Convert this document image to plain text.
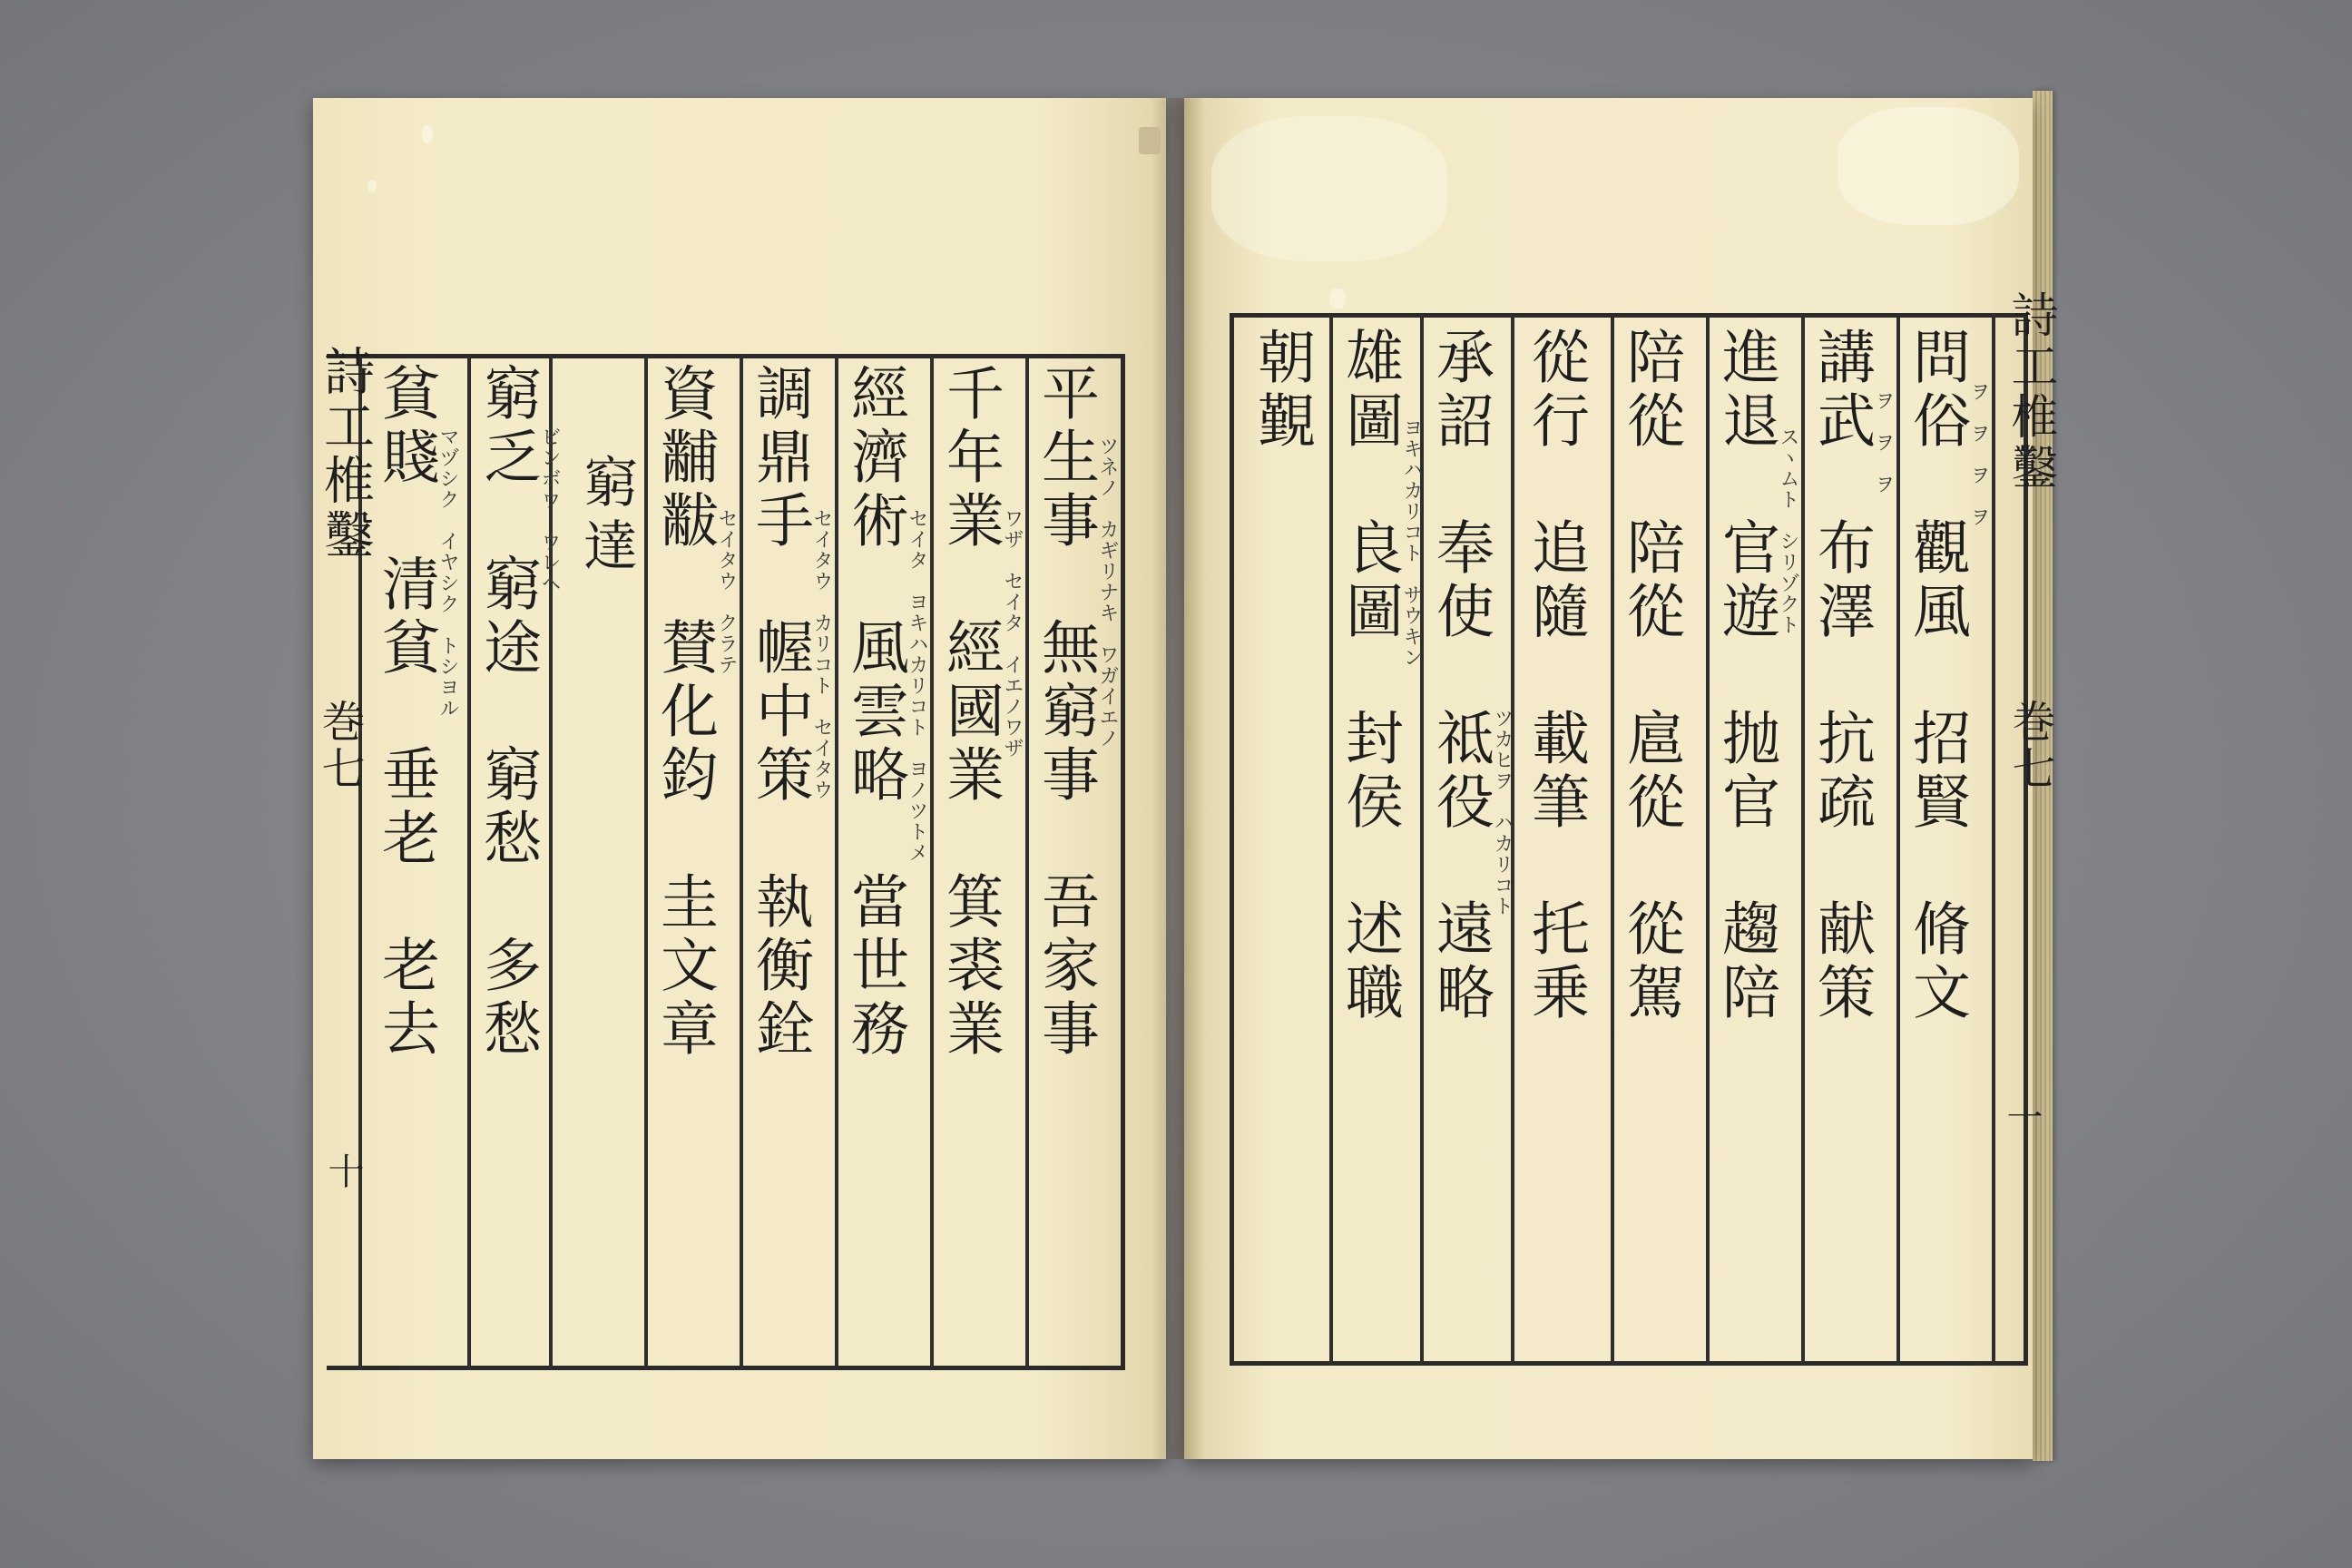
詩工椎鑿
巻七
十
平生事　無窮事　吾家事
ツネノ　カギリナキ　ワガイエノ
千年業　經國業　箕裘業
ワザ　セイタ　イエノワザ
經濟術　風雲略　當世務
セイタ　ヨキハカリコト　ヨノツトメ
調鼎手　幄中策　執衡銓
セイタウ　カリコト　セイタウ
資黼黻　賛化鈞　圭文章
セイタウ　クラテ
窮達
窮乏　窮途　窮愁　多愁
ビンボウ　ウレヘ
貧賤　清貧　垂老　老去
マヅシク　イヤシク　トシヨル
詩工椎鑿
巻七
一
問俗　觀風　招賢　脩文
ヲ　ヲ　ヲ　ヲ
講武　布澤　抗疏　献策
ヲ　ヲ　ヲ
進退　官遊　抛官　趨陪
スヽムト　シリゾクト
陪從　陪從　扈從　從駕
從行　追隨　載筆　托乗
承詔　奉使　祗役　遠略
ツカヒヲ　ハカリコト
雄圖　良圖　封侯　述職
ヨキハカリコト　サウキン
朝覲
